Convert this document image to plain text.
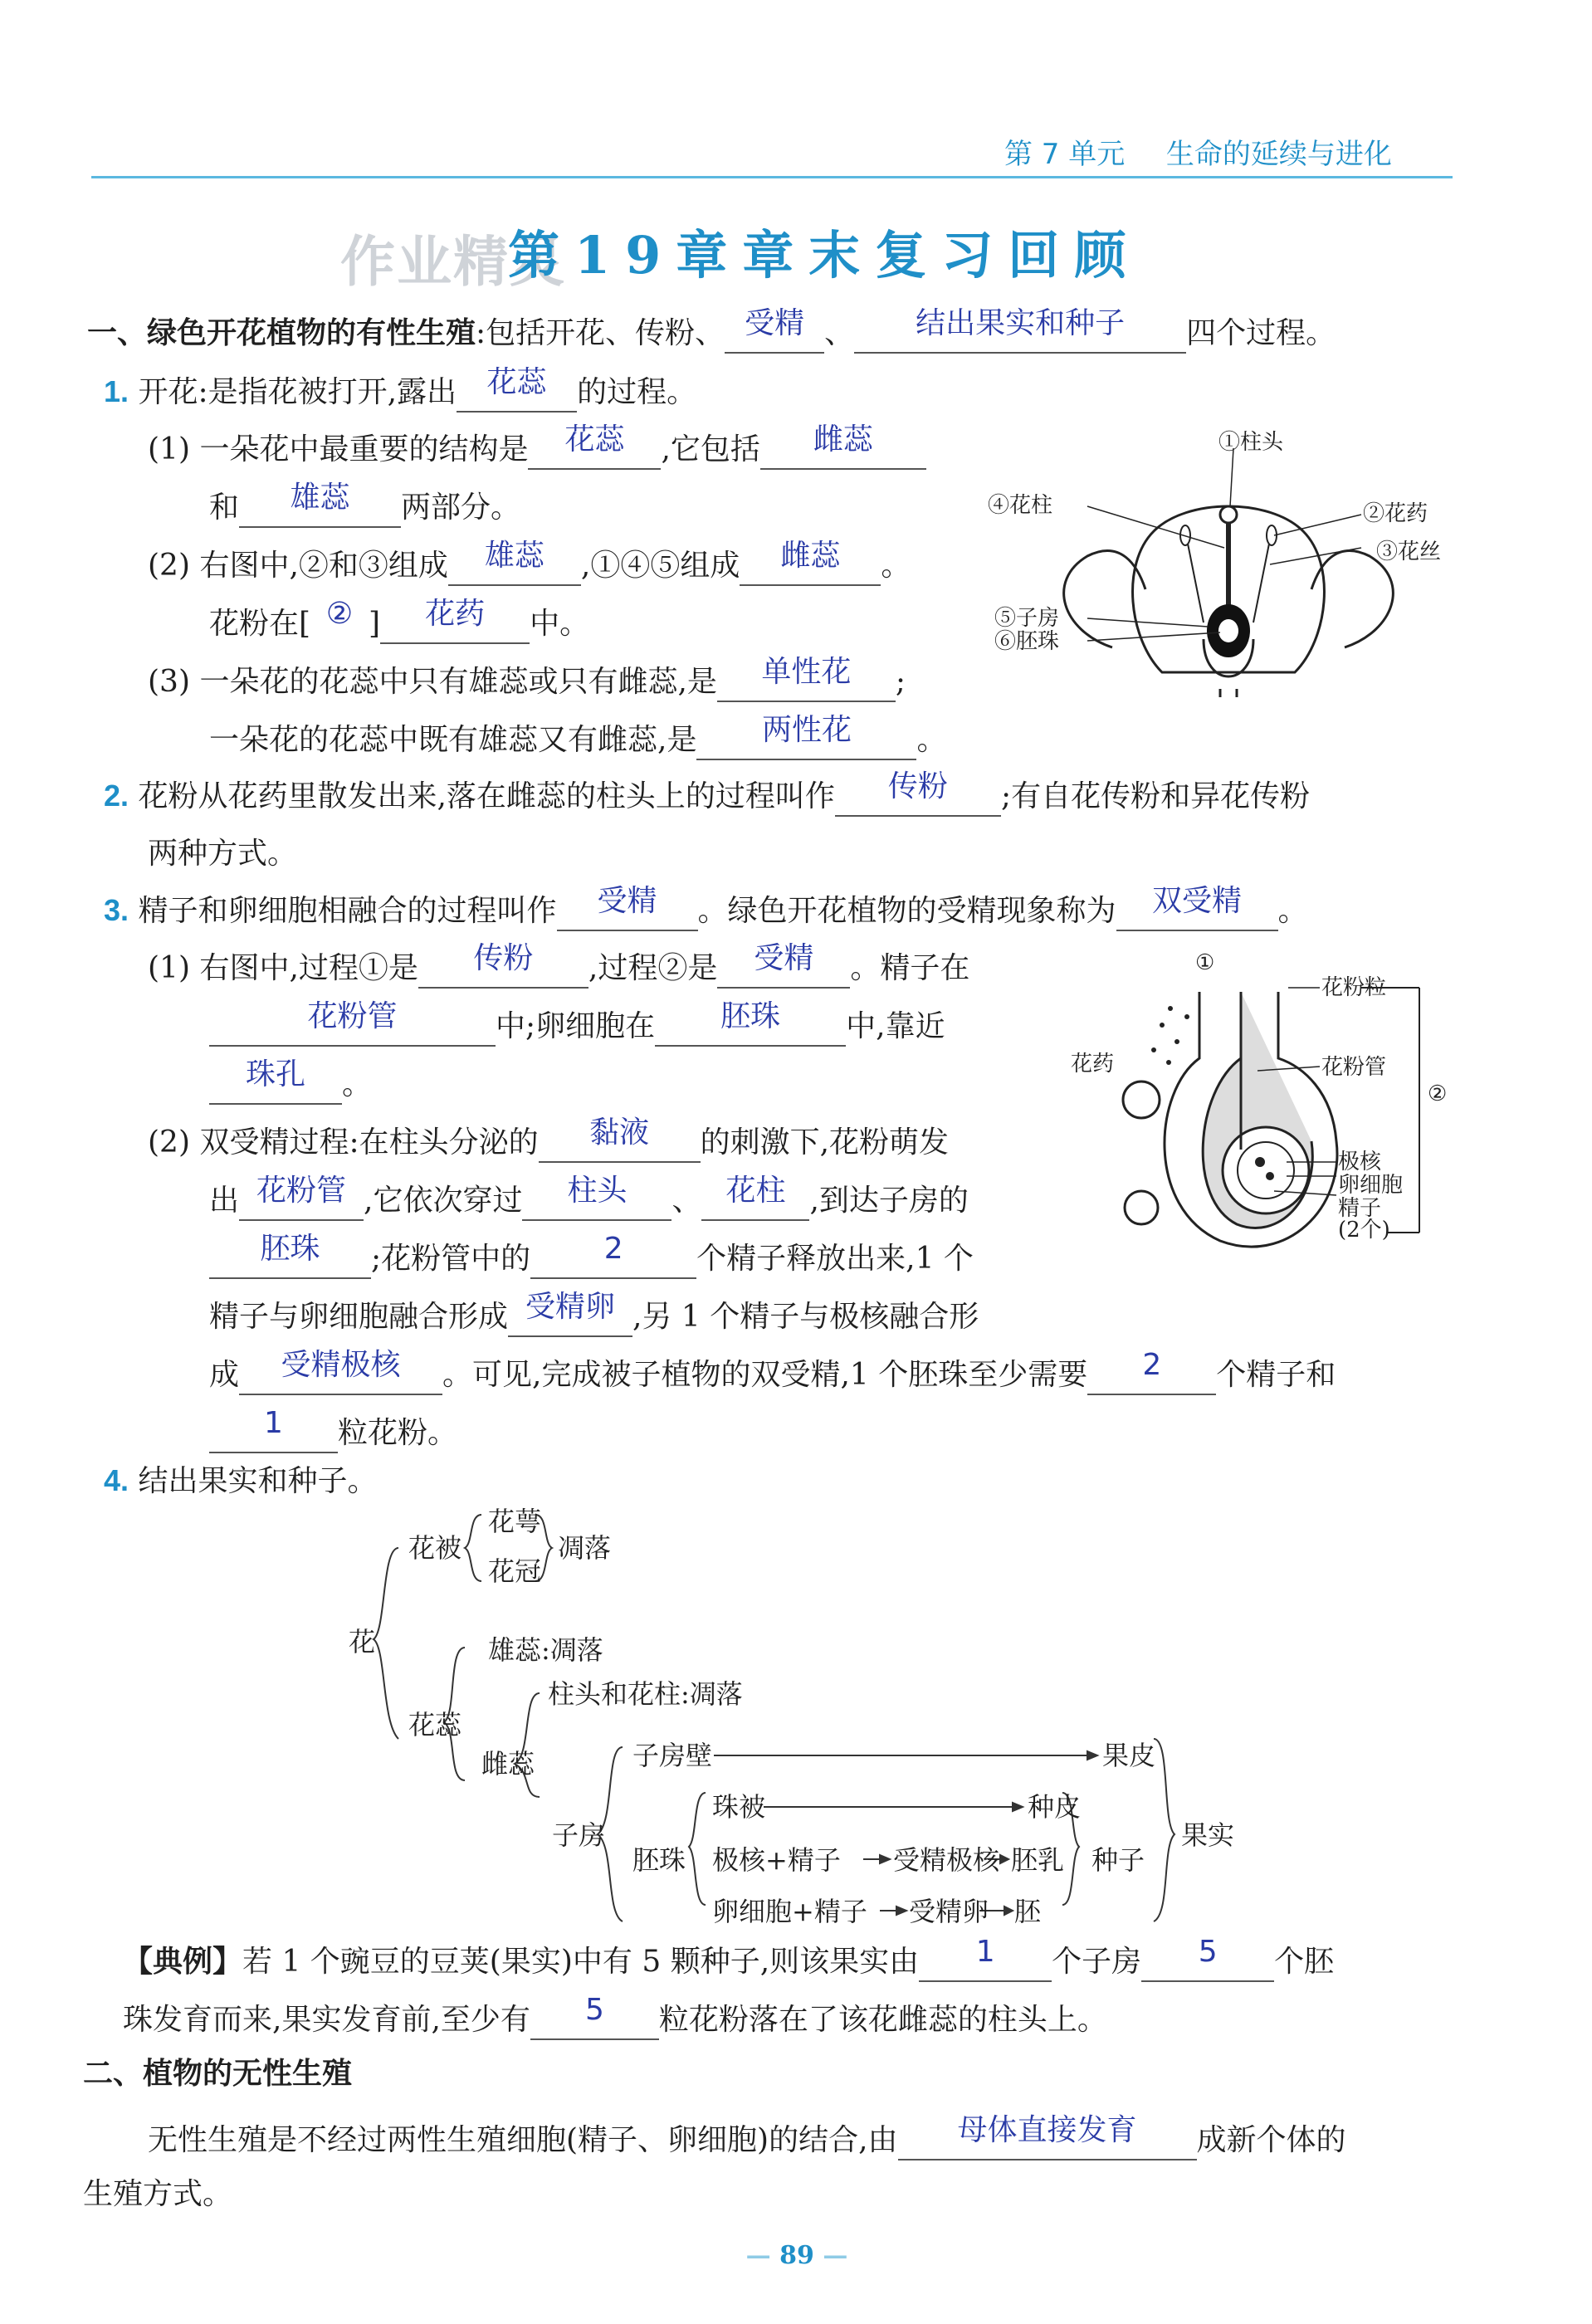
第 7 单元 生命的延续与进化
作业精灵
第19章章末复习回顾
一、绿色开花植物的有性生殖:包括开花、传粉、 受精 、	结出果实和种子	四个过程。
1. 开花:是指花被打开,露出	花蕊	的过程。
(1) 一朵花中最重要的结构是	花蕊	,它包括	雌蕊
和	雄蕊	两部分。
(2) 右图中,②和③组成	雄蕊	,①④⑤组成	雌蕊	。
花粉在[ ② ]	花药	中。
(3) 一朵花的花蕊中只有雄蕊或只有雌蕊,是	单性花	;
一朵花的花蕊中既有雄蕊又有雌蕊,是	两性花	。
①柱头
④花柱	②花药
③花丝
⑤子房
⑥胚珠
2. 花粉从花药里散发出来,落在雌蕊的柱头上的过程叫作	传粉	;有自花传粉和异花传粉
两种方式。
3. 精子和卵细胞相融合的过程叫作	受精	。绿色开花植物的受精现象称为	双受精	。
(1) 右图中,过程①是	传粉	,过程②是	受精	。精子在
花粉管	中;卵细胞在	胚珠	中,靠近
珠孔	。
(2) 双受精过程:在柱头分泌的	黏液	的刺激下,花粉萌发
出 花粉管 ,它依次穿过	柱头	、 花柱 ,到达子房的
胚珠	;花粉管中的	2	个精子释放出来,1 个
精子与卵细胞融合形成 受精卵 ,另 1 个精子与极核融合形
成	受精极核	。可见,完成被子植物的双受精,1 个胚珠至少需要	2	个精子和
1	粒花粉。
①
花粉粒
花药	花粉管
②
极核
卵细胞
精子
(2个)
4. 结出果实和种子。
花
花被
花萼
花冠
凋落
花蕊
雄蕊:凋落
雌蕊
柱头和花柱:凋落
子房
子房壁	果皮
果实
胚珠
珠被	种皮
极核+精子 受精极核 胚乳
卵细胞+精子 受精卵 胚
种子
【典例】若 1 个豌豆的豆荚(果实)中有 5 颗种子,则该果实由	1	个子房	5	个胚
珠发育而来,果实发育前,至少有	5	粒花粉落在了该花雌蕊的柱头上。
二、植物的无性生殖
无性生殖是不经过两性生殖细胞(精子、卵细胞)的结合,由	母体直接发育	成新个体的
生殖方式。
— 89 —
